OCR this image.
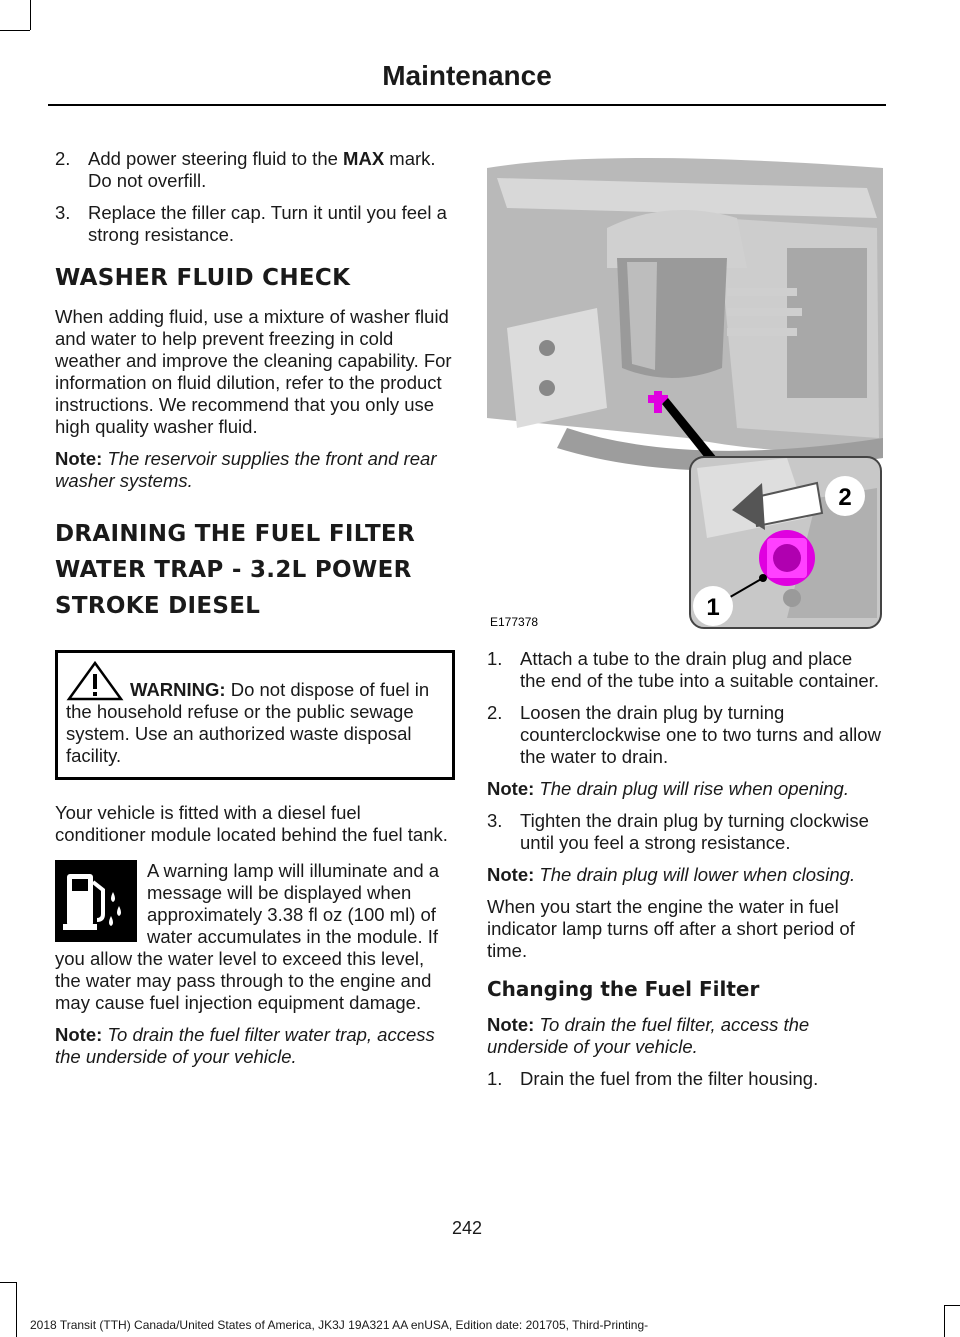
Maintenance
2. Add power steering fluid to the MAX mark. Do not overfill.
3. Replace the filler cap. Turn it until you feel a strong resistance.
WASHER FLUID CHECK

When adding fluid, use a mixture of washer fluid and water to help prevent freezing in cold weather and improve the cleaning capability. For information on fluid dilution, refer to the product instructions. We recommend that you only use high quality washer fluid.

Note: The reservoir supplies the front and rear washer systems.

DRAINING THE FUEL FILTER WATER TRAP - 3.2L POWER STROKE DIESEL
WARNING: Do not dispose of fuel in the household refuse or the public sewage system. Use an authorized waste disposal facility.

Your vehicle is fitted with a diesel fuel conditioner module located behind the fuel tank.

A warning lamp will illuminate and a message will be displayed when approximately 3.38 fl oz (100 ml) of water accumulates in the module. If you allow the water level to exceed this level, the water may pass through to the engine and may cause fuel injection equipment damage.

Note: To drain the fuel filter water trap, access the underside of your vehicle.

2
1
E177378
1. Attach a tube to the drain plug and place the end of the tube into a suitable container.
2. Loosen the drain plug by turning counterclockwise one to two turns and allow the water to drain.

Note: The drain plug will rise when opening.

3. Tighten the drain plug by turning clockwise until you feel a strong resistance.

Note: The drain plug will lower when closing.

When you start the engine the water in fuel indicator lamp turns off after a short period of time.

Changing the Fuel Filter

Note: To drain the fuel filter, access the underside of your vehicle.

1. Drain the fuel from the filter housing.
242
2018 Transit (TTH) Canada/United States of America, JK3J 19A321 AA enUSA, Edition date: 201705, Third-Printing-
